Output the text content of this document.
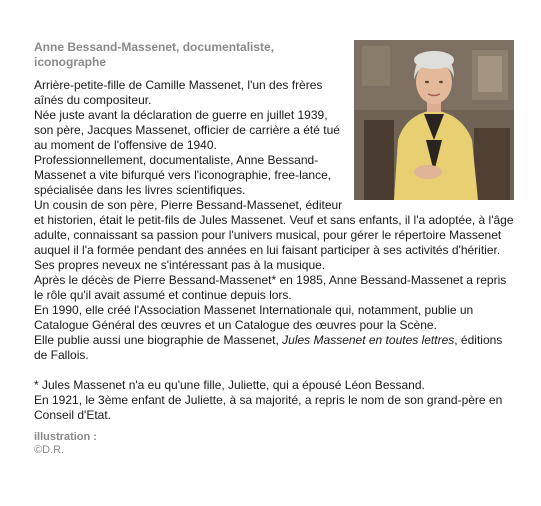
Anne Bessand-Massenet, documentaliste, iconographe

Arrière-petite-fille de Camille Massenet, l'un des frères aînés du compositeur.

Née juste avant la déclaration de guerre en juillet 1939, son père, Jacques Massenet, officier de carrière a été tué au moment de l'offensive de 1940.

Professionnellement, documentaliste, Anne Bessand-Massenet a vite bifurqué vers l'iconographie, free-lance, spécialisée dans les livres scientifiques.

Un cousin de son père, Pierre Bessand-Massenet, éditeur et historien, était le petit-fils de Jules Massenet. Veuf et sans enfants, il l'a adoptée, à l'âge adulte, connaissant sa passion pour l'univers musical, pour gérer le répertoire Massenet auquel il l'a formée pendant des années en lui faisant participer à ses activités d'héritier.

Ses propres neveux ne s'intéressant pas à la musique.

Après le décès de Pierre Bessand-Massenet* en 1985, Anne Bessand-Massenet a repris le rôle qu'il avait assumé et continue depuis lors.

En 1990, elle créé l'Association Massenet Internationale qui, notamment, publie un Catalogue Général des œuvres et un Catalogue des œuvres pour la Scène.

Elle publie aussi une biographie de Massenet, Jules Massenet en toutes lettres, éditions de Fallois.

* Jules Massenet n'a eu qu'une fille, Juliette, qui a épousé Léon Bessand.

En 1921, le 3ème enfant de Juliette, à sa majorité, a repris le nom de son grand-père en Conseil d'Etat.

illustration :
©D.R.
